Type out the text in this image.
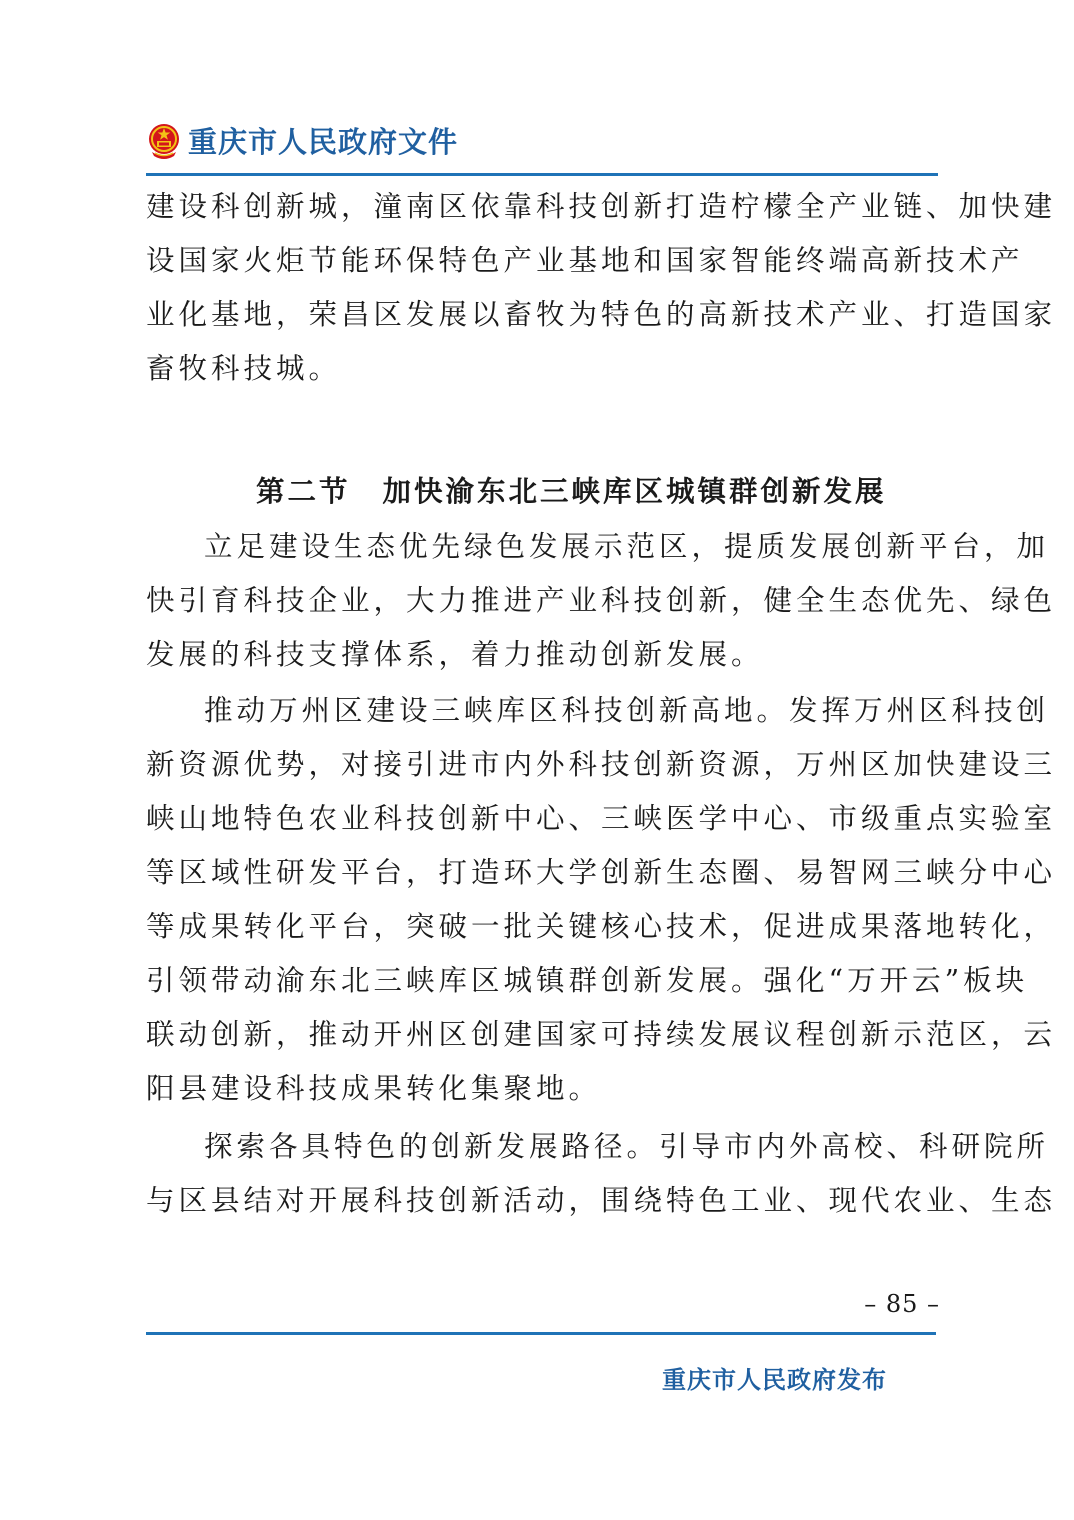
重庆市人民政府文件
建设科创新城，潼南区依靠科技创新打造柠檬全产业链、加快建
设国家火炬节能环保特色产业基地和国家智能终端高新技术产
业化基地，荣昌区发展以畜牧为特色的高新技术产业、打造国家
畜牧科技城。
第二节 加快渝东北三峡库区城镇群创新发展
立足建设生态优先绿色发展示范区，提质发展创新平台，加
快引育科技企业，大力推进产业科技创新，健全生态优先、绿色
发展的科技支撑体系，着力推动创新发展。
推动万州区建设三峡库区科技创新高地。发挥万州区科技创
新资源优势，对接引进市内外科技创新资源，万州区加快建设三
峡山地特色农业科技创新中心、三峡医学中心、市级重点实验室
等区域性研发平台，打造环大学创新生态圈、易智网三峡分中心
等成果转化平台，突破一批关键核心技术，促进成果落地转化，
引领带动渝东北三峡库区城镇群创新发展。强化“万开云”板块
联动创新，推动开州区创建国家可持续发展议程创新示范区，云
阳县建设科技成果转化集聚地。
探索各具特色的创新发展路径。引导市内外高校、科研院所
与区县结对开展科技创新活动，围绕特色工业、现代农业、生态
– 85 –
重庆市人民政府发布
